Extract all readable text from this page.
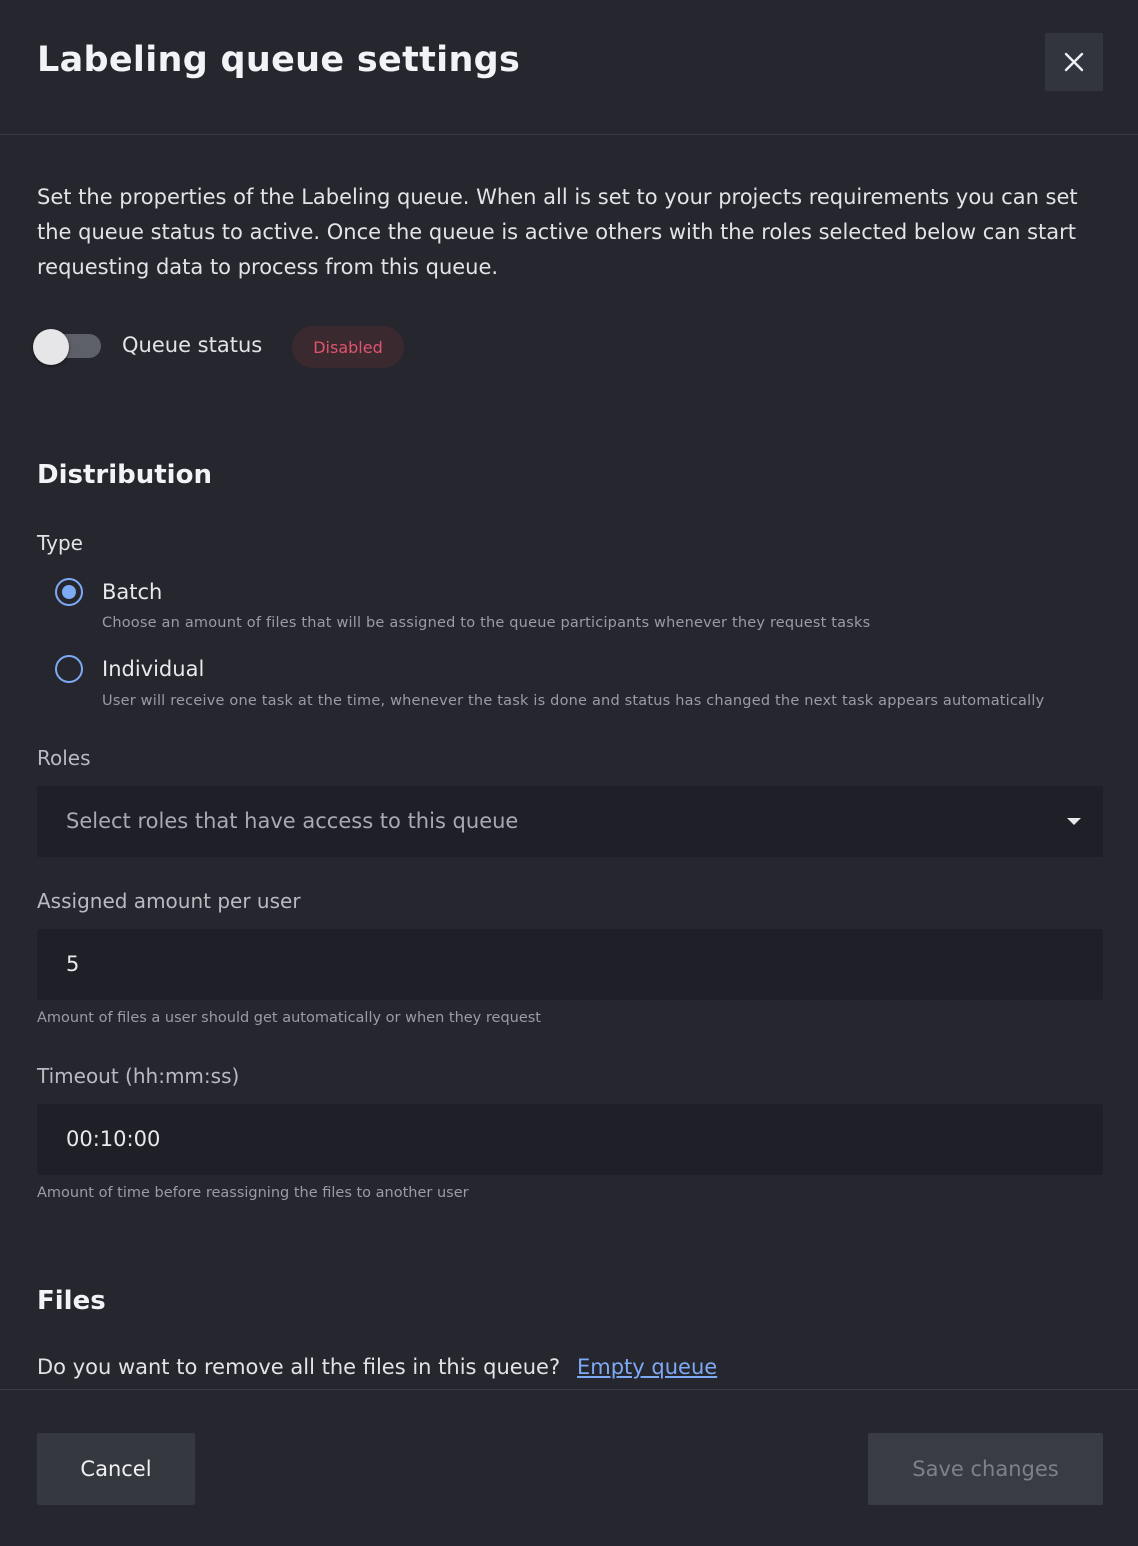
Labeling queue settings

Set the properties of the Labeling queue. When all is set to your projects requirements you can set the queue status to active. Once the queue is active others with the roles selected below can start requesting data to process from this queue.

Queue status	Disabled
Distribution
Type
Batch
Choose an amount of files that will be assigned to the queue participants whenever they request tasks
Individual
User will receive one task at the time, whenever the task is done and status has changed the next task appears automatically
Roles
Select roles that have access to this queue
Assigned amount per user
5
Amount of files a user should get automatically or when they request
Timeout (hh:mm:ss)
00:10:00
Amount of time before reassigning the files to another user
Files
Do you want to remove all the files in this queue? Empty queue
Cancel	Save changes
